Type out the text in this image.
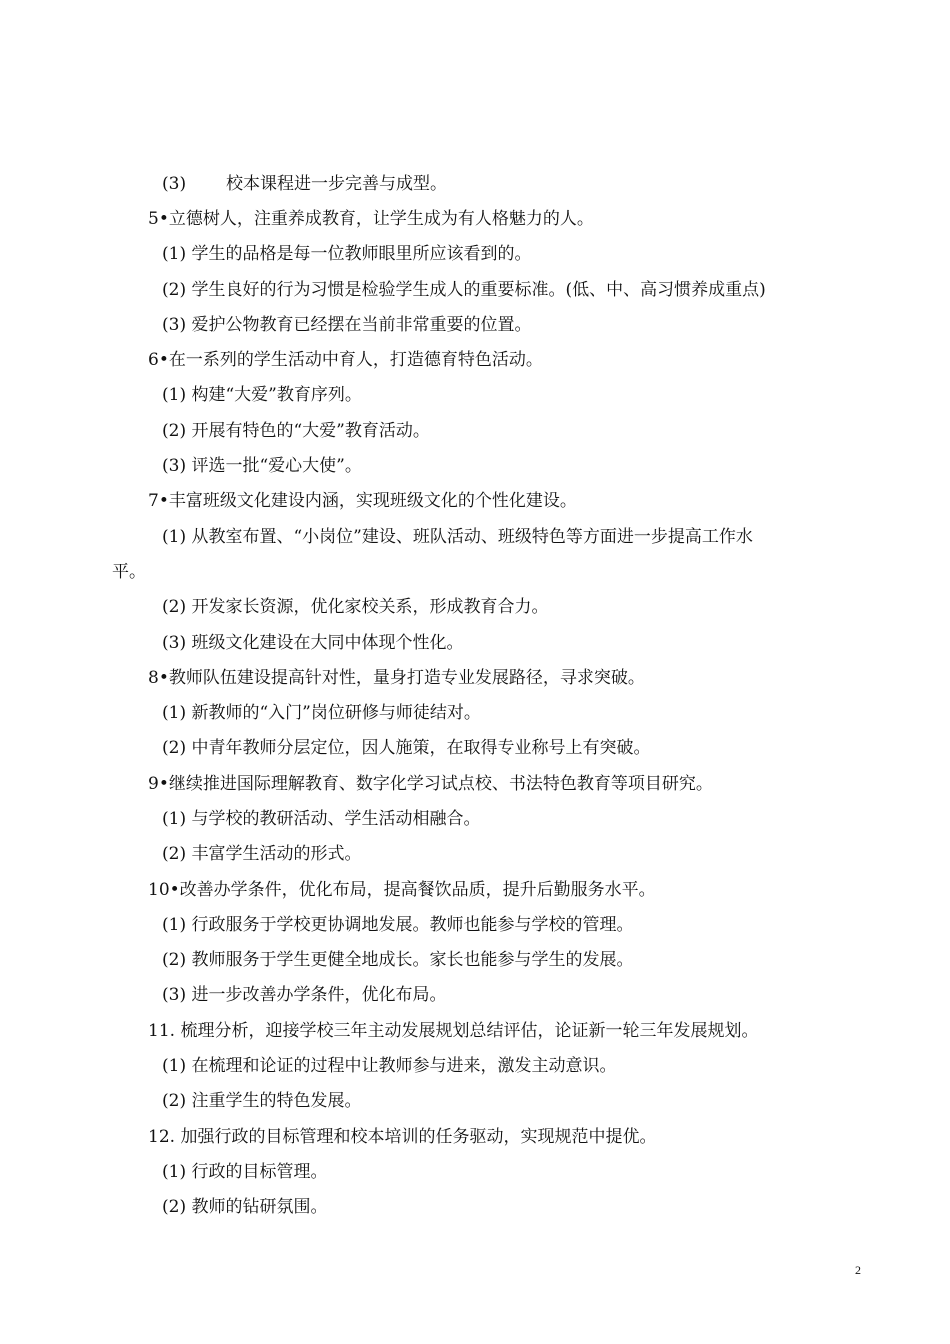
(3) 校本课程进一步完善与成型。
5•立德树人，注重养成教育，让学生成为有人格魅力的人。
(1) 学生的品格是每一位教师眼里所应该看到的。
(2) 学生良好的行为习惯是检验学生成人的重要标准。(低、中、高习惯养成重点)
(3) 爱护公物教育已经摆在当前非常重要的位置。
6•在一系列的学生活动中育人，打造德育特色活动。
(1) 构建“大爱”教育序列。
(2) 开展有特色的“大爱”教育活动。
(3) 评选一批“爱心大使”。
7•丰富班级文化建设内涵，实现班级文化的个性化建设。
(1) 从教室布置、“小岗位”建设、班队活动、班级特色等方面进一步提高工作水
平。
(2) 开发家长资源，优化家校关系，形成教育合力。
(3) 班级文化建设在大同中体现个性化。
8•教师队伍建设提高针对性，量身打造专业发展路径，寻求突破。
(1) 新教师的“入门”岗位研修与师徒结对。
(2) 中青年教师分层定位，因人施策，在取得专业称号上有突破。
9•继续推进国际理解教育、数字化学习试点校、书法特色教育等项目研究。
(1) 与学校的教研活动、学生活动相融合。
(2) 丰富学生活动的形式。
10•改善办学条件，优化布局，提高餐饮品质，提升后勤服务水平。
(1) 行政服务于学校更协调地发展。教师也能参与学校的管理。
(2) 教师服务于学生更健全地成长。家长也能参与学生的发展。
(3) 进一步改善办学条件，优化布局。
11. 梳理分析，迎接学校三年主动发展规划总结评估，论证新一轮三年发展规划。
(1) 在梳理和论证的过程中让教师参与进来，激发主动意识。
(2) 注重学生的特色发展。
12. 加强行政的目标管理和校本培训的任务驱动，实现规范中提优。
(1) 行政的目标管理。
(2) 教师的钻研氛围。
2
